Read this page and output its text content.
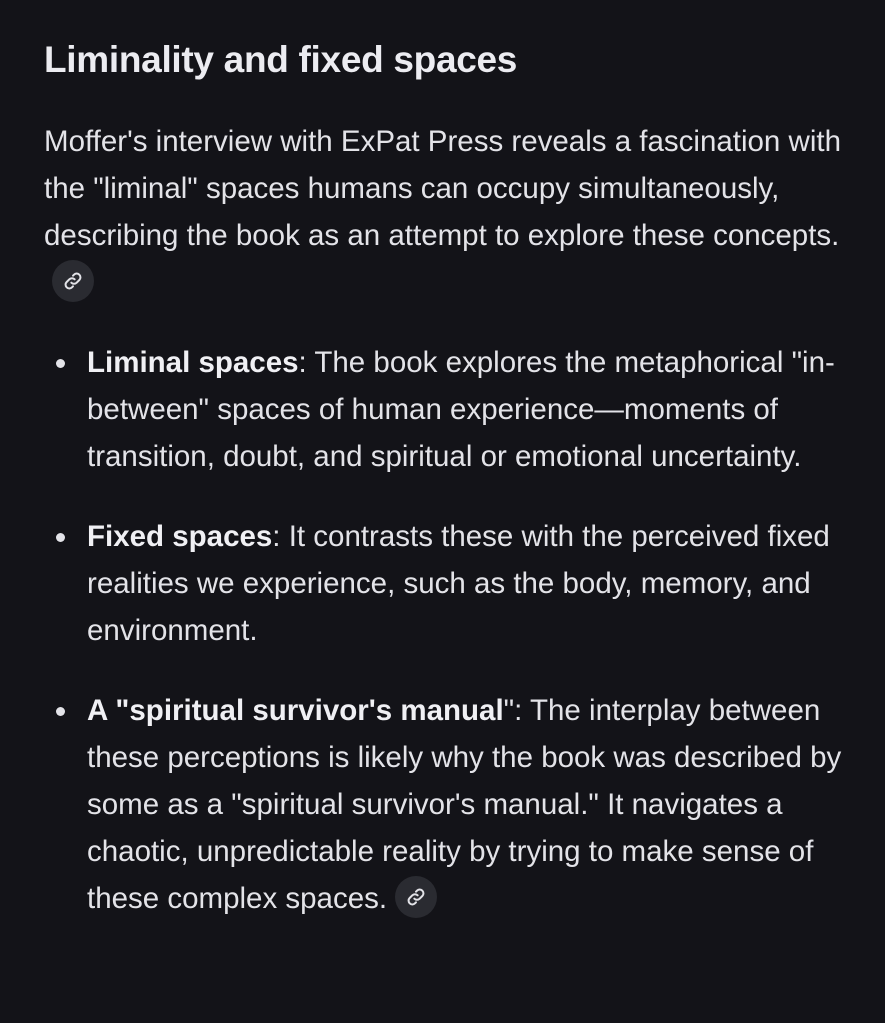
Liminality and fixed spaces

Moffer's interview with ExPat Press reveals a fascination with the "liminal" spaces humans can occupy simultaneously, describing the book as an attempt to explore these concepts.

Liminal spaces: The book explores the metaphorical "in-between" spaces of human experience—moments of transition, doubt, and spiritual or emotional uncertainty.
Fixed spaces: It contrasts these with the perceived fixed realities we experience, such as the body, memory, and environment.
A "spiritual survivor's manual": The interplay between these perceptions is likely why the book was described by some as a "spiritual survivor's manual." It navigates a chaotic, unpredictable reality by trying to make sense of these complex spaces.
